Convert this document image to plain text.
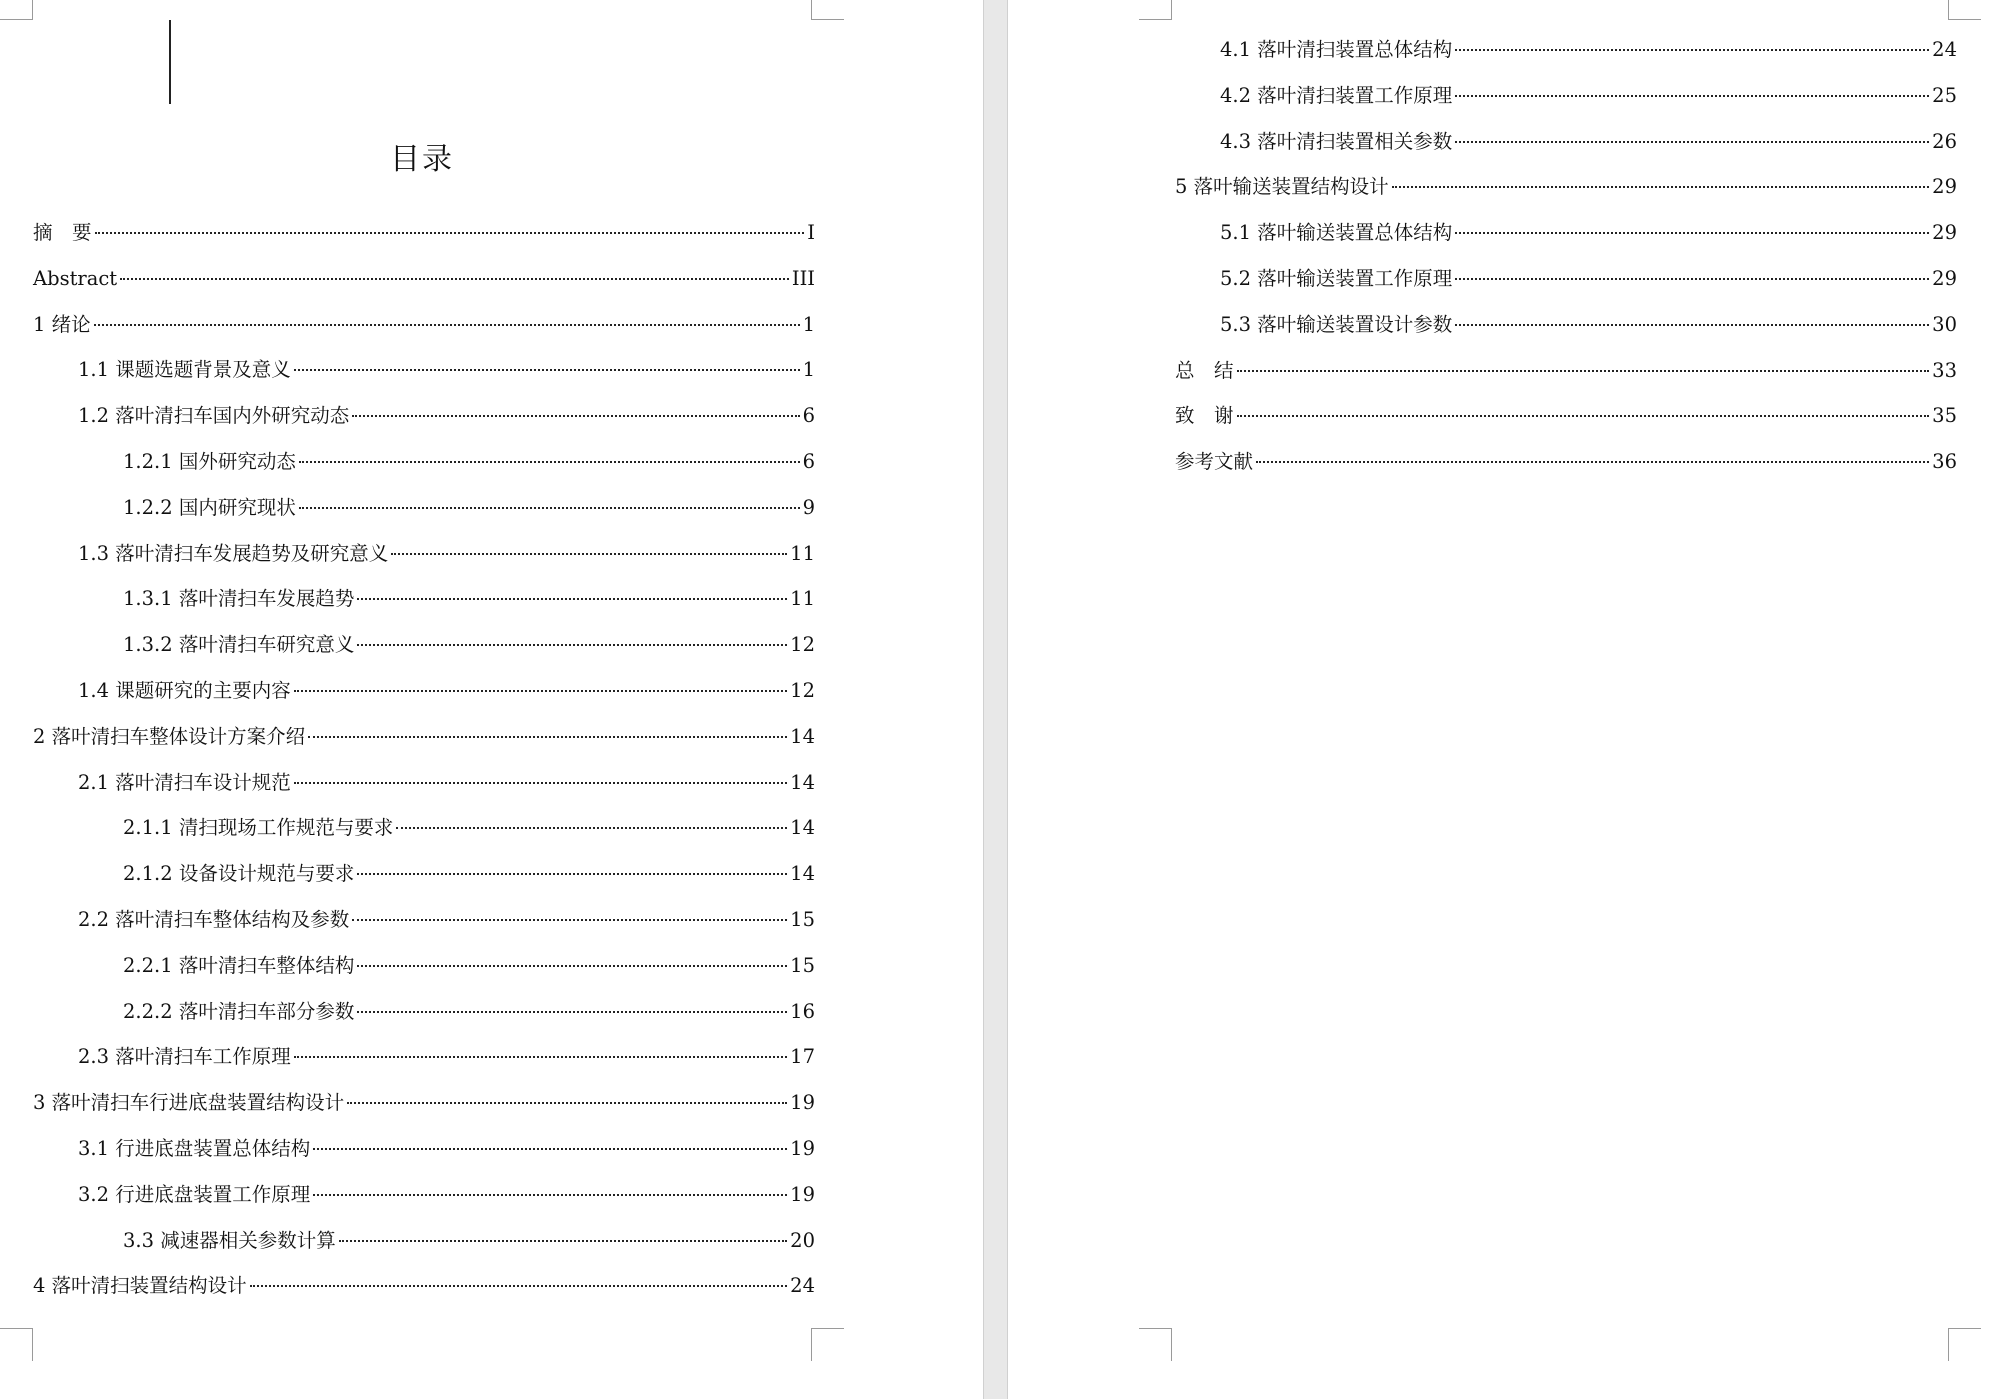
目录
摘　要	I
Abstract	III
1 绪论	1
1.1 课题选题背景及意义	1
1.2 落叶清扫车国内外研究动态	6
1.2.1 国外研究动态	6
1.2.2 国内研究现状	9
1.3 落叶清扫车发展趋势及研究意义	11
1.3.1 落叶清扫车发展趋势	11
1.3.2 落叶清扫车研究意义	12
1.4 课题研究的主要内容	12
2 落叶清扫车整体设计方案介绍	14
2.1 落叶清扫车设计规范	14
2.1.1 清扫现场工作规范与要求	14
2.1.2 设备设计规范与要求	14
2.2 落叶清扫车整体结构及参数	15
2.2.1 落叶清扫车整体结构	15
2.2.2 落叶清扫车部分参数	16
2.3 落叶清扫车工作原理	17
3 落叶清扫车行进底盘装置结构设计	19
3.1 行进底盘装置总体结构	19
3.2 行进底盘装置工作原理	19
3.3 减速器相关参数计算	20
4 落叶清扫装置结构设计	24
4.1 落叶清扫装置总体结构	24
4.2 落叶清扫装置工作原理	25
4.3 落叶清扫装置相关参数	26
5 落叶输送装置结构设计	29
5.1 落叶输送装置总体结构	29
5.2 落叶输送装置工作原理	29
5.3 落叶输送装置设计参数	30
总　结	33
致　谢	35
参考文献	36
